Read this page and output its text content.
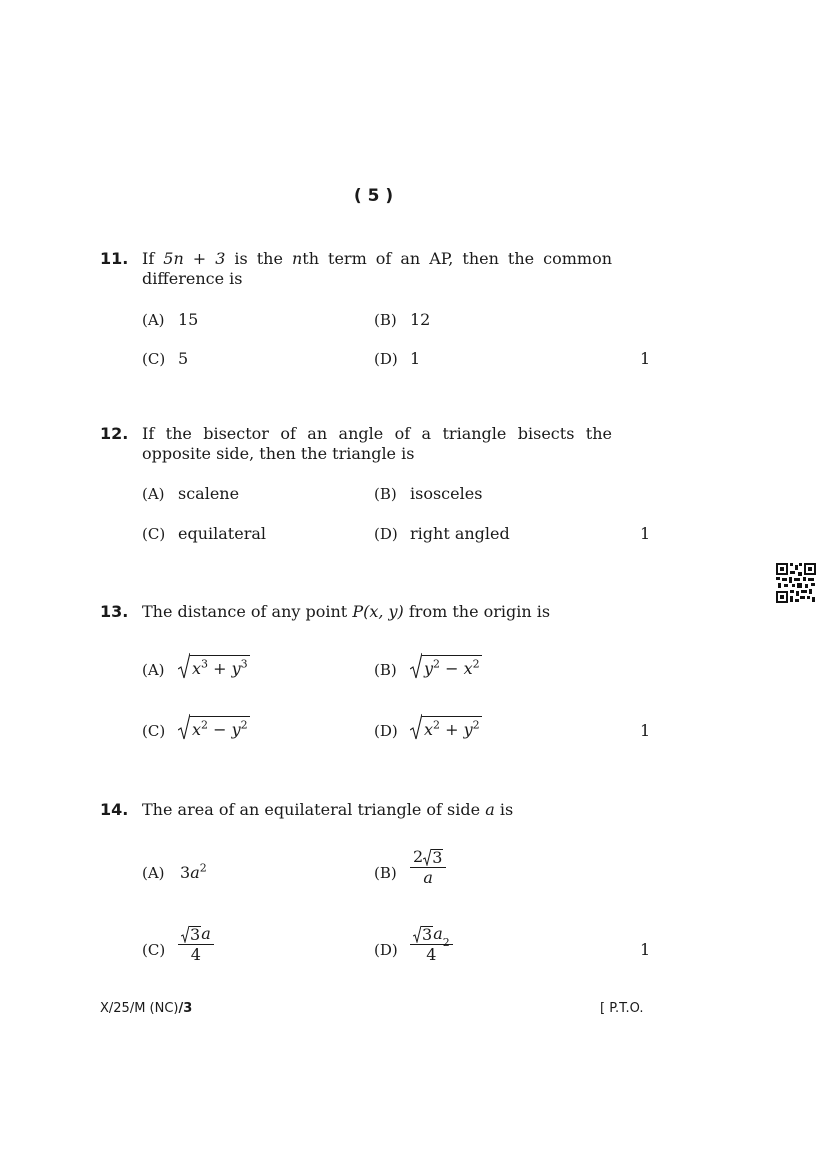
( 5 )
11. If 5n + 3 is the nth term of an AP, then the common difference is
(A) 15	(B) 12
(C) 5	(D) 1	1
12. If the bisector of an angle of a triangle bisects the opposite side, then the triangle is
(A) scalene	(B) isosceles
(C) equilateral	(D) right angled	1
13. The distance of any point P(x, y) from the origin is
(A) $x^3 + y^3$	(B) $y^2 - x^2$
(C) $x^2 - y^2$	(D) $x^2 + y^2$	1
14. The area of an equilateral triangle of side a is
(A) $3a^2$	$(B) \frac{2 3}{a}$
$(C) \frac{3 a}{4}$	$(D) \frac{3 a 2}{4}$	1
X/25/M (NC)/3	[ P.T.O.
